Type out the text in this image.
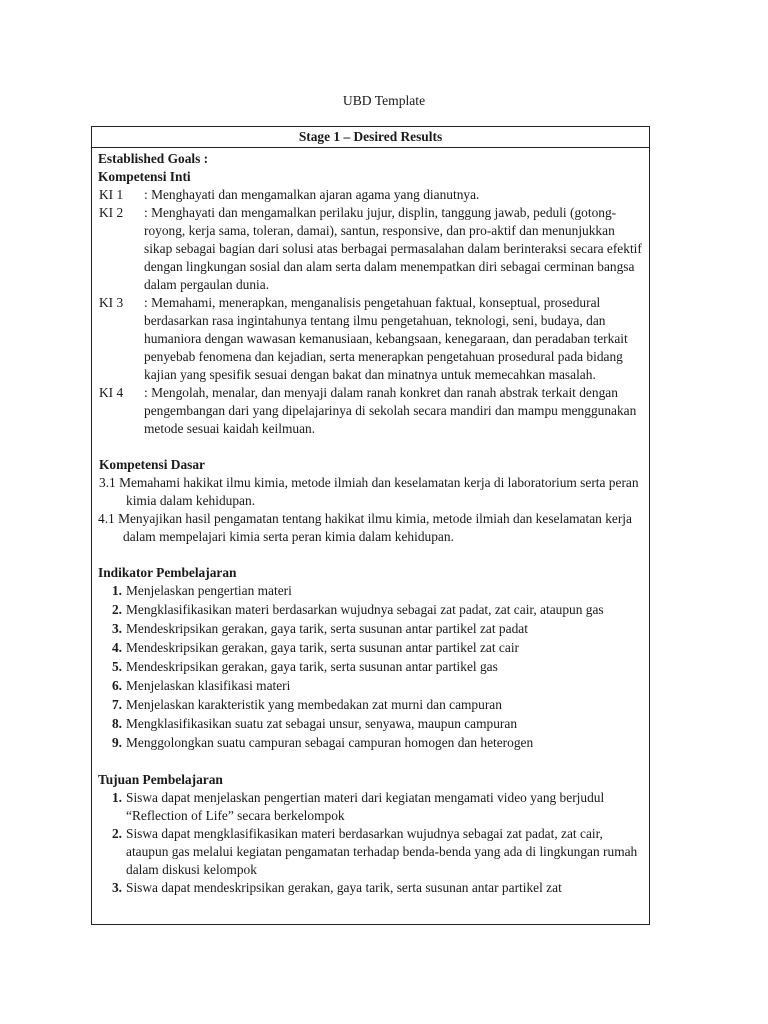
UBD Template
Stage 1 – Desired Results
Established Goals :
Kompetensi Inti
KI 1	: Menghayati dan mengamalkan ajaran agama yang dianutnya.
KI 2	: Menghayati dan mengamalkan perilaku jujur, displin, tanggung jawab, peduli (gotong-royong, kerja sama, toleran, damai), santun, responsive, dan pro-aktif dan menunjukkan sikap sebagai bagian dari solusi atas berbagai permasalahan dalam berinteraksi secara efektif dengan lingkungan sosial dan alam serta dalam menempatkan diri sebagai cerminan bangsa dalam pergaulan dunia.
KI 3	: Memahami, menerapkan, menganalisis pengetahuan faktual, konseptual, prosedural berdasarkan rasa ingintahunya tentang ilmu pengetahuan, teknologi, seni, budaya, dan humaniora dengan wawasan kemanusiaan, kebangsaan, kenegaraan, dan peradaban terkait penyebab fenomena dan kejadian, serta menerapkan pengetahuan prosedural pada bidang kajian yang spesifik sesuai dengan bakat dan minatnya untuk memecahkan masalah.
KI 4	: Mengolah, menalar, dan menyaji dalam ranah konkret dan ranah abstrak terkait dengan pengembangan dari yang dipelajarinya di sekolah secara mandiri dan mampu menggunakan metode sesuai kaidah keilmuan.
Kompetensi Dasar
3.1 Memahami hakikat ilmu kimia, metode ilmiah dan keselamatan kerja di laboratorium serta peran kimia dalam kehidupan.
4.1 Menyajikan hasil pengamatan tentang hakikat ilmu kimia, metode ilmiah dan keselamatan kerja dalam mempelajari kimia serta peran kimia dalam kehidupan.
Indikator Pembelajaran
1. Menjelaskan pengertian materi
2. Mengklasifikasikan materi berdasarkan wujudnya sebagai zat padat, zat cair, ataupun gas
3. Mendeskripsikan gerakan, gaya tarik, serta susunan antar partikel zat padat
4. Mendeskripsikan gerakan, gaya tarik, serta susunan antar partikel zat cair
5. Mendeskripsikan gerakan, gaya tarik, serta susunan antar partikel gas
6. Menjelaskan klasifikasi materi
7. Menjelaskan karakteristik yang membedakan zat murni dan campuran
8. Mengklasifikasikan suatu zat sebagai unsur, senyawa, maupun campuran
9. Menggolongkan suatu campuran sebagai campuran homogen dan heterogen
Tujuan Pembelajaran
1. Siswa dapat menjelaskan pengertian materi dari kegiatan mengamati video yang berjudul “Reflection of Life” secara berkelompok
2. Siswa dapat mengklasifikasikan materi berdasarkan wujudnya sebagai zat padat, zat cair, ataupun gas melalui kegiatan pengamatan terhadap benda-benda yang ada di lingkungan rumah dalam diskusi kelompok
3. Siswa dapat mendeskripsikan gerakan, gaya tarik, serta susunan antar partikel zat
